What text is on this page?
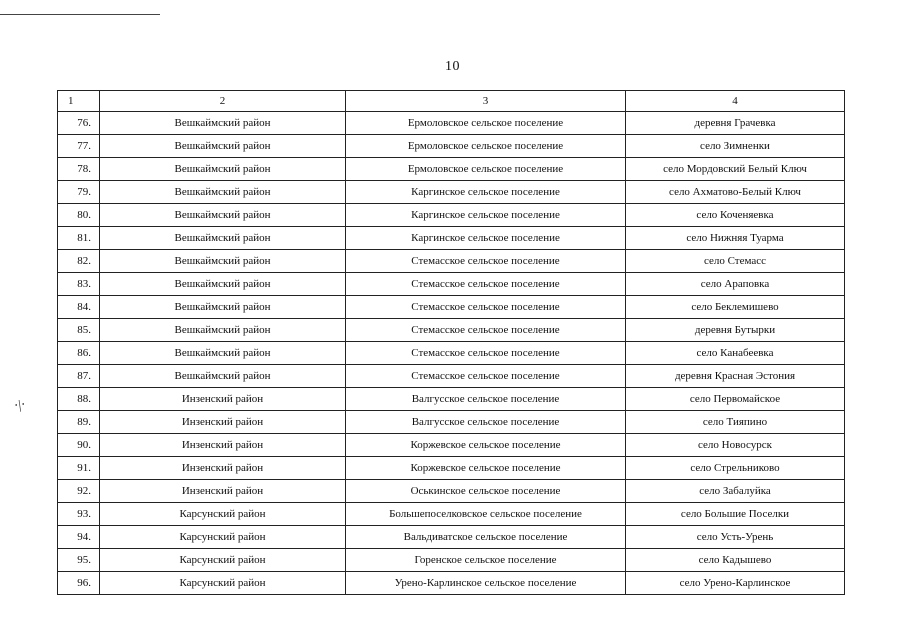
10
⋅|⋅
1	2	3	4
76.	Вешкаймский район	Ермоловское сельское поселение	деревня Грачевка
77.	Вешкаймский район	Ермоловское сельское поселение	село Зимненки
78.	Вешкаймский район	Ермоловское сельское поселение	село Мордовский Белый Ключ
79.	Вешкаймский район	Каргинское сельское поселение	село Ахматово-Белый Ключ
80.	Вешкаймский район	Каргинское сельское поселение	село Коченяевка
81.	Вешкаймский район	Каргинское сельское поселение	село Нижняя Туарма
82.	Вешкаймский район	Стемасское сельское поселение	село Стемасс
83.	Вешкаймский район	Стемасское сельское поселение	село Араповка
84.	Вешкаймский район	Стемасское сельское поселение	село Беклемишево
85.	Вешкаймский район	Стемасское сельское поселение	деревня Бутырки
86.	Вешкаймский район	Стемасское сельское поселение	село Канабеевка
87.	Вешкаймский район	Стемасское сельское поселение	деревня Красная Эстония
88.	Инзенский район	Валгусское сельское поселение	село Первомайское
89.	Инзенский район	Валгусское сельское поселение	село Тияпино
90.	Инзенский район	Коржевское сельское поселение	село Новосурск
91.	Инзенский район	Коржевское сельское поселение	село Стрельниково
92.	Инзенский район	Оськинское сельское поселение	село Забалуйка
93.	Карсунский район	Большепоселковское сельское поселение	село Большие Поселки
94.	Карсунский район	Вальдиватское сельское поселение	село Усть-Урень
95.	Карсунский район	Горенское сельское поселение	село Кадышево
96.	Карсунский район	Урено-Карлинское сельское поселение	село Урено-Карлинское
